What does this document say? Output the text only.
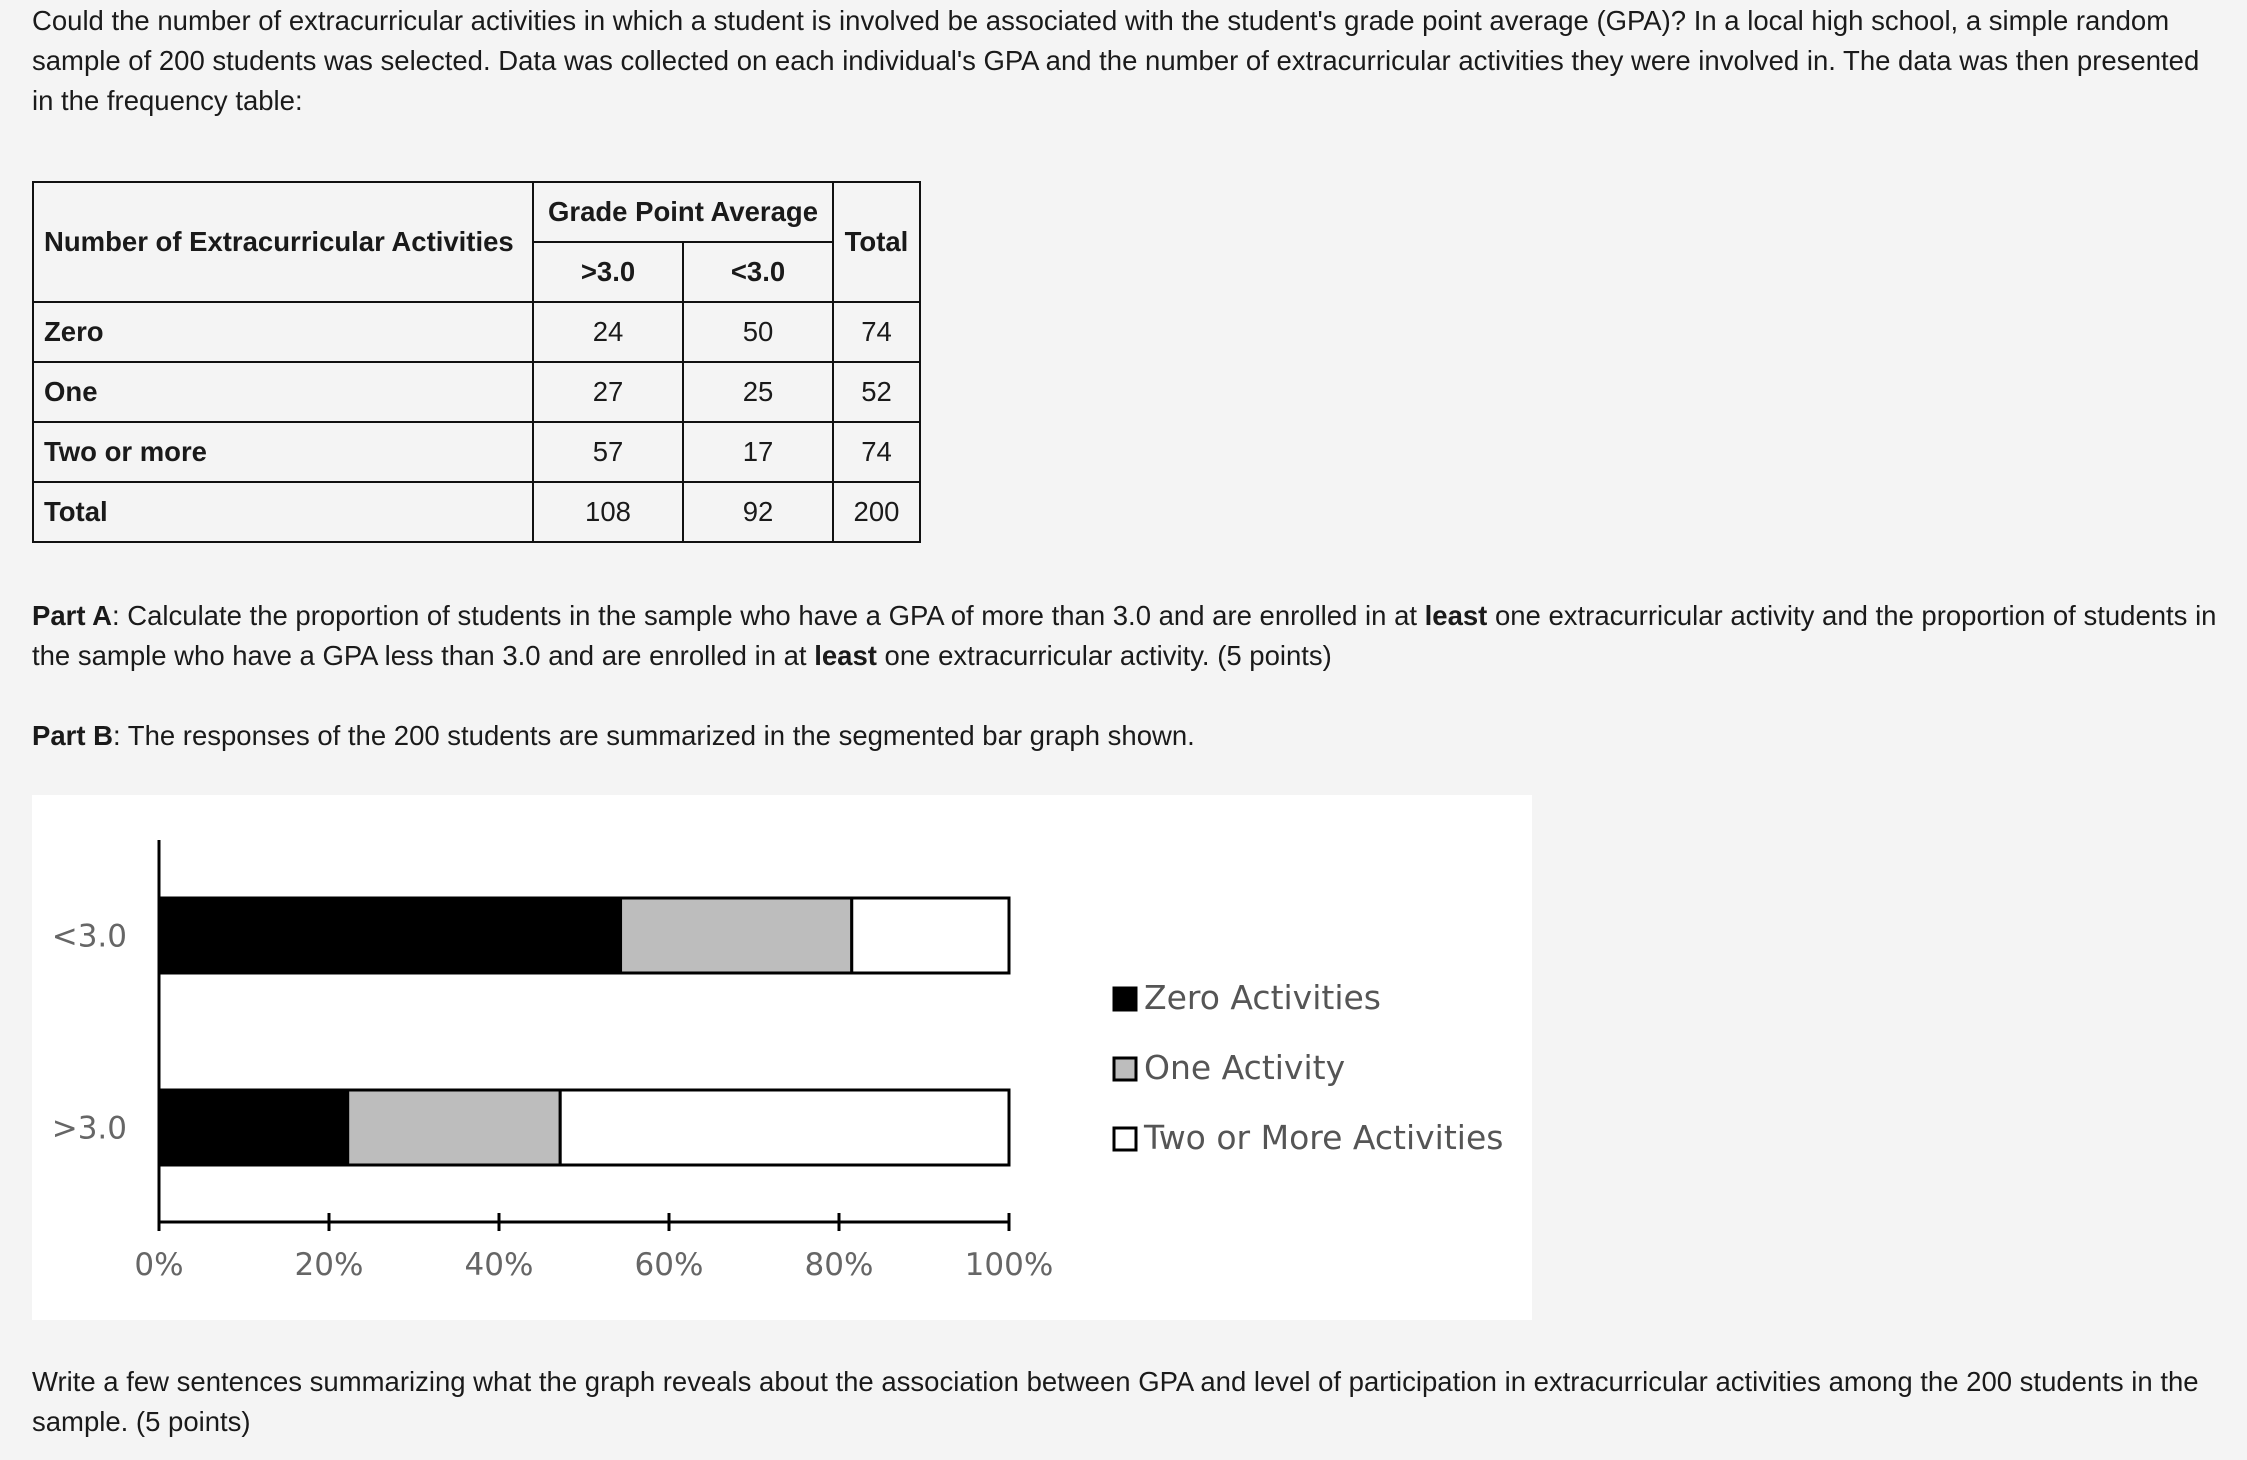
Could the number of extracurricular activities in which a student is involved be associated with the student's grade point average (GPA)? In a local high school, a simple random sample of 200 students was selected. Data was collected on each individual's GPA and the number of extracurricular activities they were involved in. The data was then presented in the frequency table:

Number of Extracurricular Activities	Grade Point Average		Total
	>3.0	<3.0	
Zero	24	50	74
One	27	25	52
Two or more	57	17	74
Total	108	92	200

Part A: Calculate the proportion of students in the sample who have a GPA of more than 3.0 and are enrolled in at least one extracurricular activity and the proportion of students in the sample who have a GPA less than 3.0 and are enrolled in at least one extracurricular activity. (5 points)

Part B: The responses of the 200 students are summarized in the segmented bar graph shown.

0%	20%	40%	60%	80%	100%
<3.0
>3.0
Zero Activities
One Activity
Two or More Activities

Write a few sentences summarizing what the graph reveals about the association between GPA and level of participation in extracurricular activities among the 200 students in the sample. (5 points)
